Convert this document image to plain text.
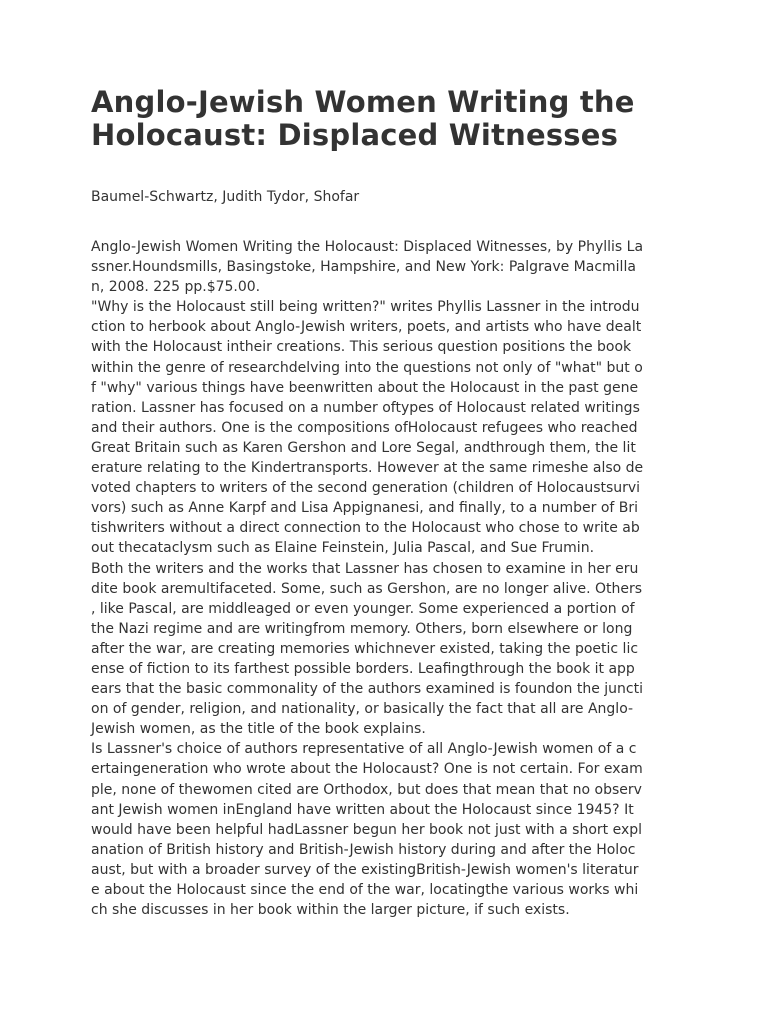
Anglo-Jewish Women Writing the Holocaust: Displaced Witnesses
Baumel-Schwartz, Judith Tydor, Shofar
Anglo-Jewish Women Writing the Holocaust: Displaced Witnesses, by Phyllis La
ssner.Houndsmills, Basingstoke, Hampshire, and New York: Palgrave Macmilla
n, 2008. 225 pp.$75.00.
"Why is the Holocaust still being written?" writes Phyllis Lassner in the introdu
ction to herbook about Anglo-Jewish writers, poets, and artists who have dealt
with the Holocaust intheir creations. This serious question positions the book
within the genre of researchdelving into the questions not only of "what" but o
f "why" various things have beenwritten about the Holocaust in the past gene
ration. Lassner has focused on a number oftypes of Holocaust related writings
and their authors. One is the compositions ofHolocaust refugees who reached
Great Britain such as Karen Gershon and Lore Segal, andthrough them, the lit
erature relating to the Kindertransports. However at the same rimeshe also de
voted chapters to writers of the second generation (children of Holocaustsurvi
vors) such as Anne Karpf and Lisa Appignanesi, and finally, to a number of Bri
tishwriters without a direct connection to the Holocaust who chose to write ab
out thecataclysm such as Elaine Feinstein, Julia Pascal, and Sue Frumin.
Both the writers and the works that Lassner has chosen to examine in her eru
dite book aremultifaceted. Some, such as Gershon, are no longer alive. Others
, like Pascal, are middleaged or even younger. Some experienced a portion of
the Nazi regime and are writingfrom memory. Others, born elsewhere or long
after the war, are creating memories whichnever existed, taking the poetic lic
ense of fiction to its farthest possible borders. Leafingthrough the book it app
ears that the basic commonality of the authors examined is foundon the juncti
on of gender, religion, and nationality, or basically the fact that all are Anglo-
Jewish women, as the title of the book explains.
Is Lassner's choice of authors representative of all Anglo-Jewish women of a c
ertaingeneration who wrote about the Holocaust? One is not certain. For exam
ple, none of thewomen cited are Orthodox, but does that mean that no observ
ant Jewish women inEngland have written about the Holocaust since 1945? It
would have been helpful hadLassner begun her book not just with a short expl
anation of British history and British-Jewish history during and after the Holoc
aust, but with a broader survey of the existingBritish-Jewish women's literatur
e about the Holocaust since the end of the war, locatingthe various works whi
ch she discusses in her book within the larger picture, if such exists.
